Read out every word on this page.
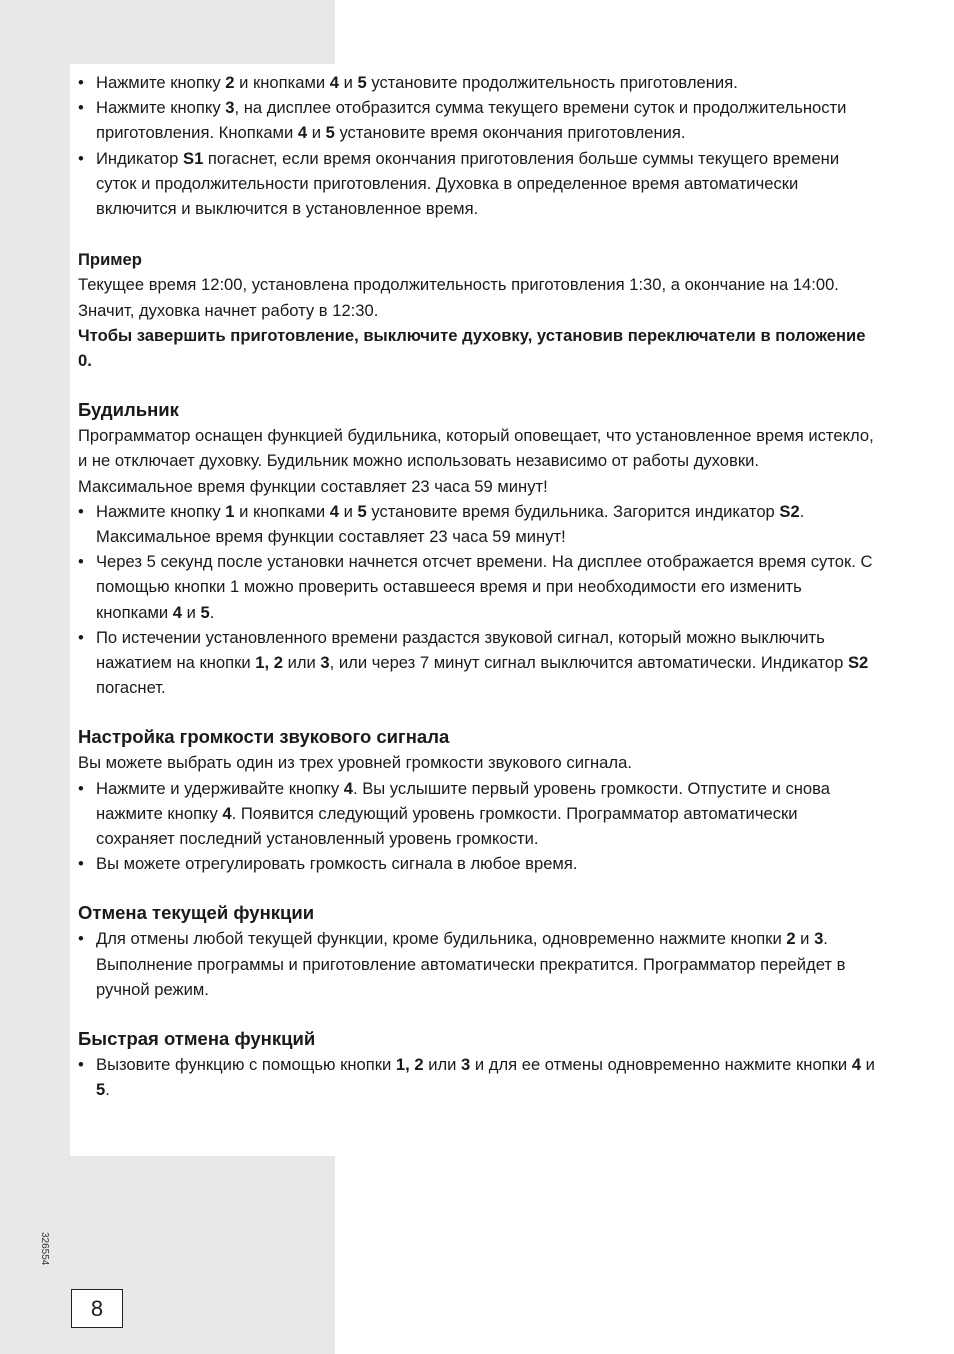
• Нажмите кнопку 2 и кнопками 4 и 5 установите продолжительность приготовления.
• Нажмите кнопку 3, на дисплее отобразится сумма текущего времени суток и продолжительности приготовления. Кнопками 4 и 5 установите время окончания приготовления.
• Индикатор S1 погаснет, если время окончания приготовления больше суммы текущего времени суток и продолжительности приготовления. Духовка в определенное время автоматически включится и выключится в установленное время.
Пример

Текущее время 12:00, установлена продолжительность приготовления 1:30, а окончание на 14:00. Значит, духовка начнет работу в 12:30.

Чтобы завершить приготовление, выключите духовку, установив переключатели в положение 0.

Будильник

Программатор оснащен функцией будильника, который оповещает, что установленное время истекло, и не отключает духовку. Будильник можно использовать независимо от работы духовки.

Максимальное время функции составляет 23 часа 59 минут!

• Нажмите кнопку 1 и кнопками 4 и 5 установите время будильника. Загорится индикатор S2. Максимальное время функции составляет 23 часа 59 минут!
• Через 5 секунд после установки начнется отсчет времени. На дисплее отображается время суток. С помощью кнопки 1 можно проверить оставшееся время и при необходимости его изменить кнопками 4 и 5.
• По истечении установленного времени раздастся звуковой сигнал, который можно выключить нажатием на кнопки 1, 2 или 3, или через 7 минут сигнал выключится автоматически. Индикатор S2 погаснет.
Настройка громкости звукового сигнала

Вы можете выбрать один из трех уровней громкости звукового сигнала.

• Нажмите и удерживайте кнопку 4. Вы услышите первый уровень громкости. Отпустите и снова нажмите кнопку 4. Появится следующий уровень громкости. Программатор автоматически сохраняет последний установленный уровень громкости.
• Вы можете отрегулировать громкость сигнала в любое время.
Отмена текущей функции
• Для отмены любой текущей функции, кроме будильника, одновременно нажмите кнопки 2 и 3. Выполнение программы и приготовление автоматически прекратится. Программатор перейдет в ручной режим.
Быстрая отмена функций
• Вызовите функцию с помощью кнопки 1, 2 или 3 и для ее отмены одновременно нажмите кнопки 4 и 5.
326554
8
